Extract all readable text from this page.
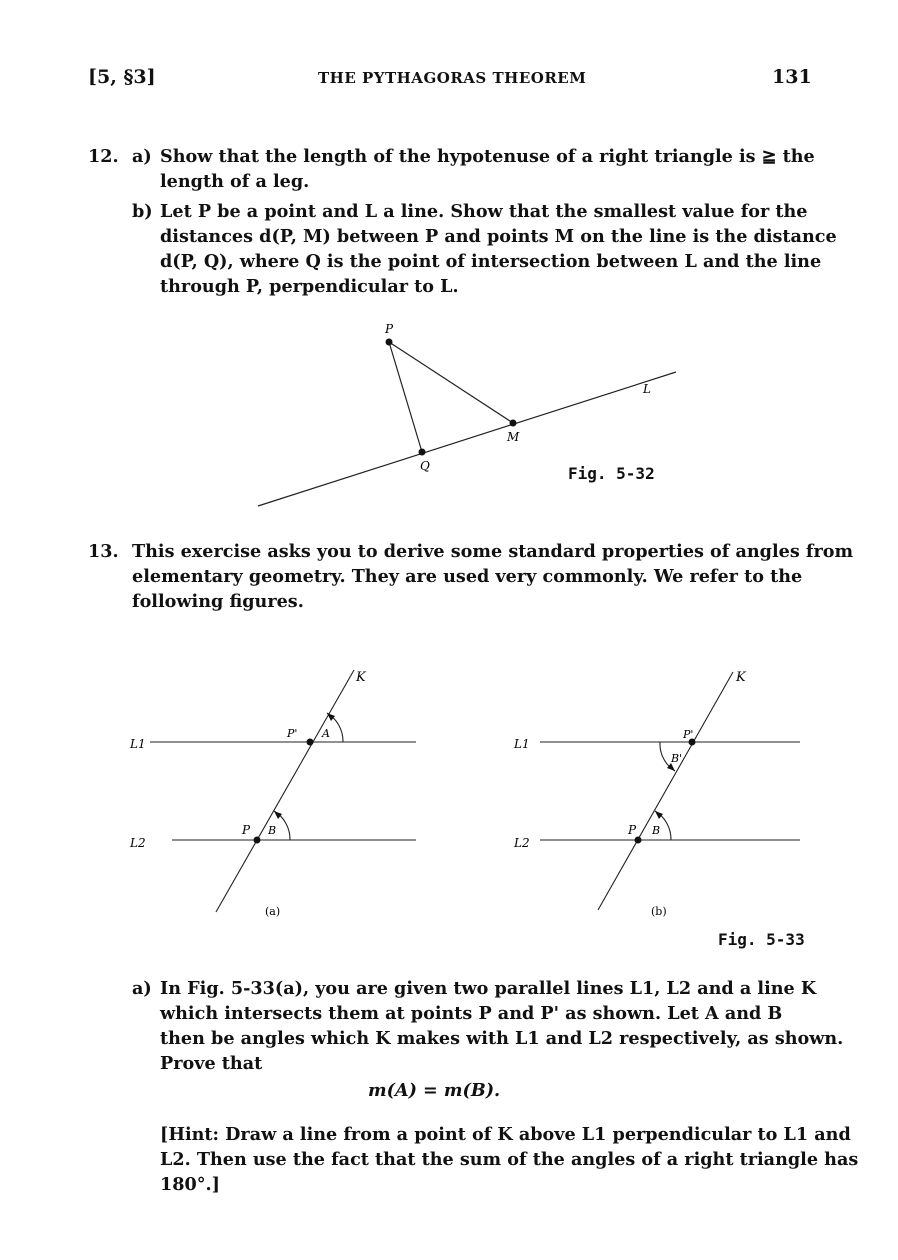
[5, §3]	THE PYTHAGORAS THEOREM	131
12. a) Show that the length of the hypotenuse of a right triangle is ≧ the
length of a leg.
b) Let P be a point and L a line. Show that the smallest value for the
distances d(P, M) between P and points M on the line is the distance
d(P, Q), where Q is the point of intersection between L and the line
through P, perpendicular to L.
P
L
M
Q	Fig. 5-32
13. This exercise asks you to derive some standard properties of angles from
elementary geometry. They are used very commonly. We refer to the
following figures.
K
L1
L2
P' A
P B
(a)
K
L1
L2
P'
B'
P B
(b)
Fig. 5-33
a) In Fig. 5-33(a), you are given two parallel lines L1, L2 and a line K
which intersects them at points P and P' as shown. Let A and B
then be angles which K makes with L1 and L2 respectively, as shown.
Prove that
m(A) = m(B).
[Hint: Draw a line from a point of K above L1 perpendicular to L1 and
L2. Then use the fact that the sum of the angles of a right triangle has
180°.]
